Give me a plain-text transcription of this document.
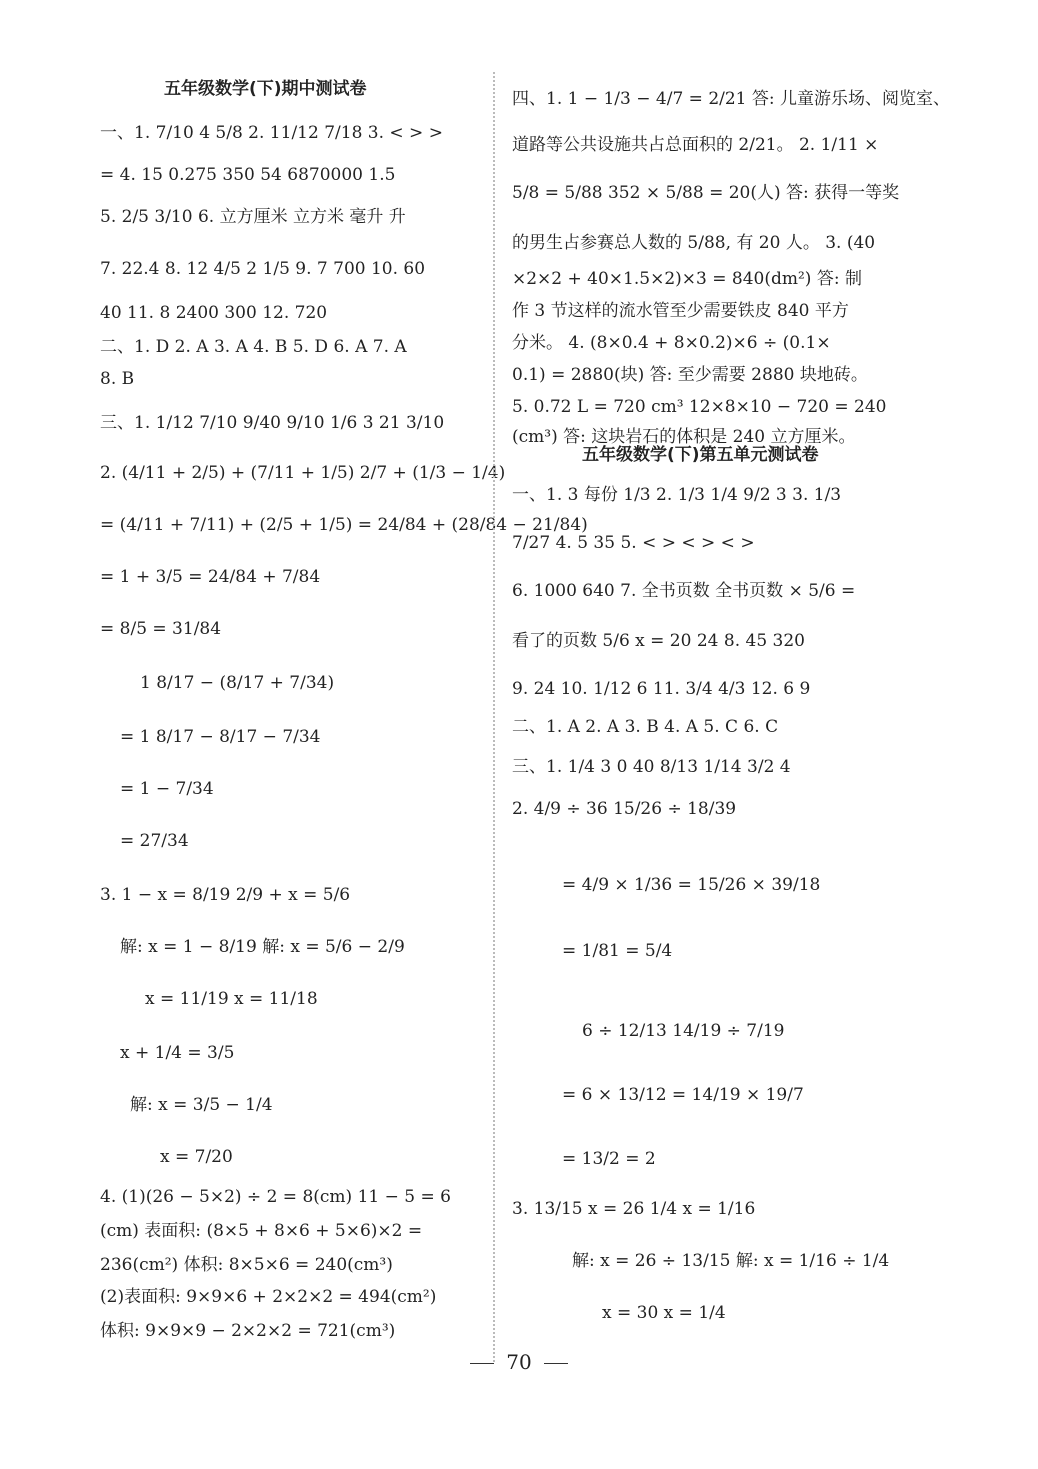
五年级数学(下)期中测试卷
一、1. 7/10 4 5/8 2. 11/12 7/18 3. < > >
= 4. 15 0.275 350 54 6870000 1.5
5. 2/5 3/10 6. 立方厘米 立方米 毫升 升
7. 22.4 8. 12 4/5 2 1/5 9. 7 700 10. 60
40 11. 8 2400 300 12. 720
二、1. D 2. A 3. A 4. B 5. D 6. A 7. A
8. B
三、1. 1/12 7/10 9/40 9/10 1/6 3 21 3/10
2. (4/11 + 2/5) + (7/11 + 1/5) 2/7 + (1/3 − 1/4)
= (4/11 + 7/11) + (2/5 + 1/5) = 24/84 + (28/84 − 21/84)
= 1 + 3/5 = 24/84 + 7/84
= 8/5 = 31/84
1 8/17 − (8/17 + 7/34)
= 1 8/17 − 8/17 − 7/34
= 1 − 7/34
= 27/34
3. 1 − x = 8/19 2/9 + x = 5/6
解: x = 1 − 8/19 解: x = 5/6 − 2/9
x = 11/19 x = 11/18
x + 1/4 = 3/5
解: x = 3/5 − 1/4
x = 7/20
4. (1)(26 − 5×2) ÷ 2 = 8(cm) 11 − 5 = 6
(cm) 表面积: (8×5 + 8×6 + 5×6)×2 =
236(cm²) 体积: 8×5×6 = 240(cm³)
(2)表面积: 9×9×6 + 2×2×2 = 494(cm²)
体积: 9×9×9 − 2×2×2 = 721(cm³)
四、1. 1 − 1/3 − 4/7 = 2/21 答: 儿童游乐场、阅览室、
道路等公共设施共占总面积的 2/21。 2. 1/11 ×
5/8 = 5/88 352 × 5/88 = 20(人) 答: 获得一等奖
的男生占参赛总人数的 5/88, 有 20 人。 3. (40
×2×2 + 40×1.5×2)×3 = 840(dm²) 答: 制
作 3 节这样的流水管至少需要铁皮 840 平方
分米。 4. (8×0.4 + 8×0.2)×6 ÷ (0.1×
0.1) = 2880(块) 答: 至少需要 2880 块地砖。
5. 0.72 L = 720 cm³ 12×8×10 − 720 = 240
(cm³) 答: 这块岩石的体积是 240 立方厘米。
五年级数学(下)第五单元测试卷
一、1. 3 每份 1/3 2. 1/3 1/4 9/2 3 3. 1/3
7/27 4. 5 35 5. < > < > < >
6. 1000 640 7. 全书页数 全书页数 × 5/6 =
看了的页数 5/6 x = 20 24 8. 45 320
9. 24 10. 1/12 6 11. 3/4 4/3 12. 6 9
二、1. A 2. A 3. B 4. A 5. C 6. C
三、1. 1/4 3 0 40 8/13 1/14 3/2 4
2. 4/9 ÷ 36 15/26 ÷ 18/39
= 4/9 × 1/36 = 15/26 × 39/18
= 1/81 = 5/4
6 ÷ 12/13 14/19 ÷ 7/19
= 6 × 13/12 = 14/19 × 19/7
= 13/2 = 2
3. 13/15 x = 26 1/4 x = 1/16
解: x = 26 ÷ 13/15 解: x = 1/16 ÷ 1/4
x = 30 x = 1/4
70
